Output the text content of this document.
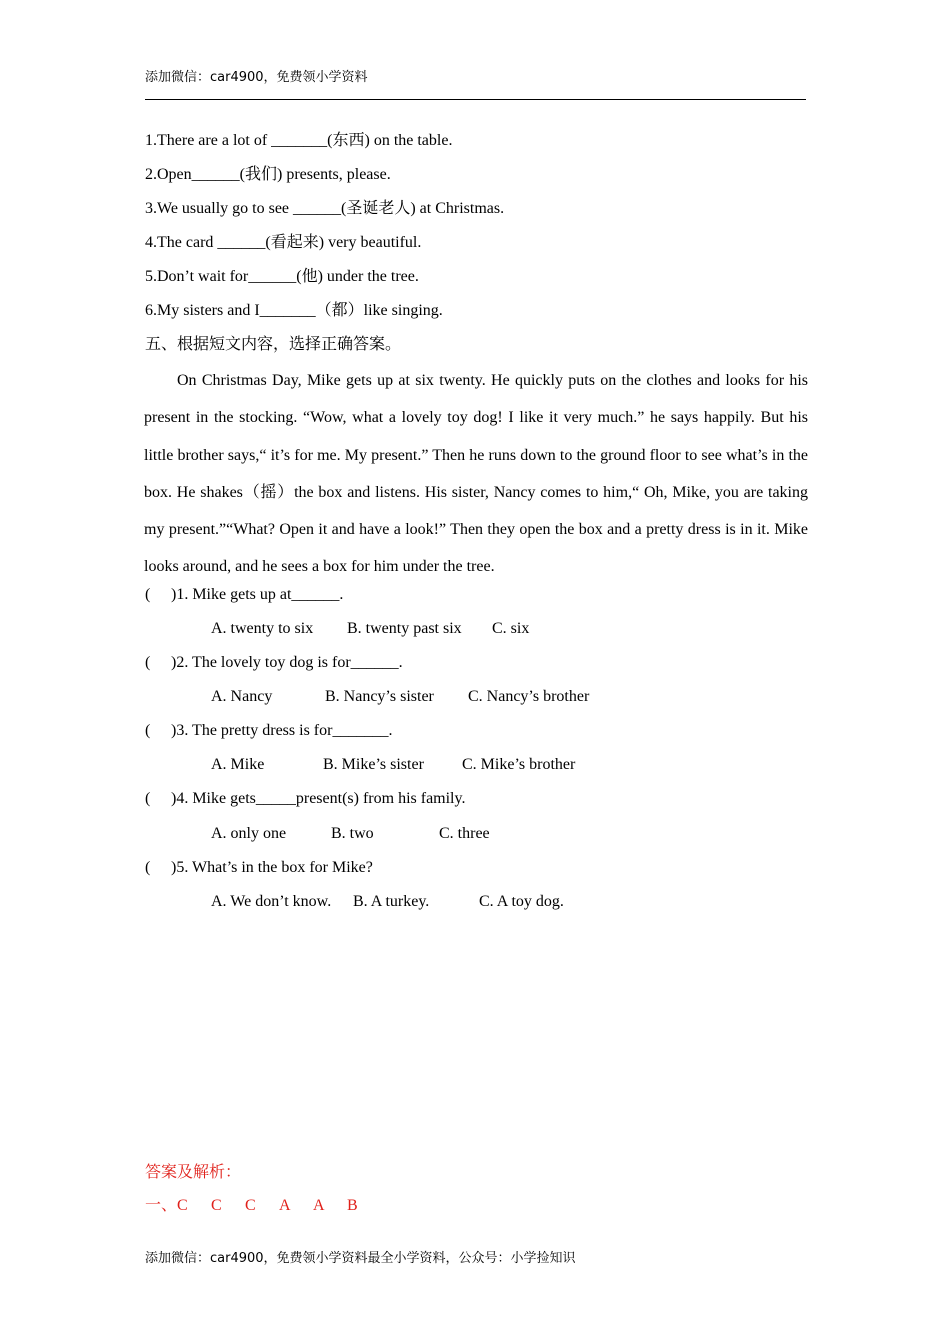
添加微信：car4900，免费领小学资料
1.There are a lot of _______(东西) on the table.
2.Open______(我们) presents, please.
3.We usually go to see ______(圣诞老人) at Christmas.
4.The card ______(看起来) very beautiful.
5.Don’t wait for______(他) under the tree.
6.My sisters and I_______（都）like singing.
五、根据短文内容，选择正确答案。

On Christmas Day, Mike gets up at six twenty. He quickly puts on the clothes and looks for his present in the stocking. “Wow, what a lovely toy dog! I like it very much.” he says happily. But his little brother says,“ it’s for me. My present.” Then he runs down to the ground floor to see what’s in the box. He shakes（摇）the box and listens. His sister, Nancy comes to him,“ Oh, Mike, you are taking my present.”“What? Open it and have a look!” Then they open the box and a pretty dress is in it. Mike looks around, and he sees a box for him under the tree.

( )1. Mike gets up at______.
A. twenty to six B. twenty past six C. six
( )2. The lovely toy dog is for______.
A. Nancy	B. Nancy’s sister C. Nancy’s brother
( )3. The pretty dress is for_______.
A. Mike	B. Mike’s sister C. Mike’s brother
( )4. Mike gets_____present(s) from his family.
A. only one	B. two	C. three
( )5. What’s in the box for Mike?
A. We don’t know. B. A turkey.	C. A toy dog.
答案及解析：
一、C C C A A B
添加微信：car4900，免费领小学资料最全小学资料，公众号：小学捡知识
